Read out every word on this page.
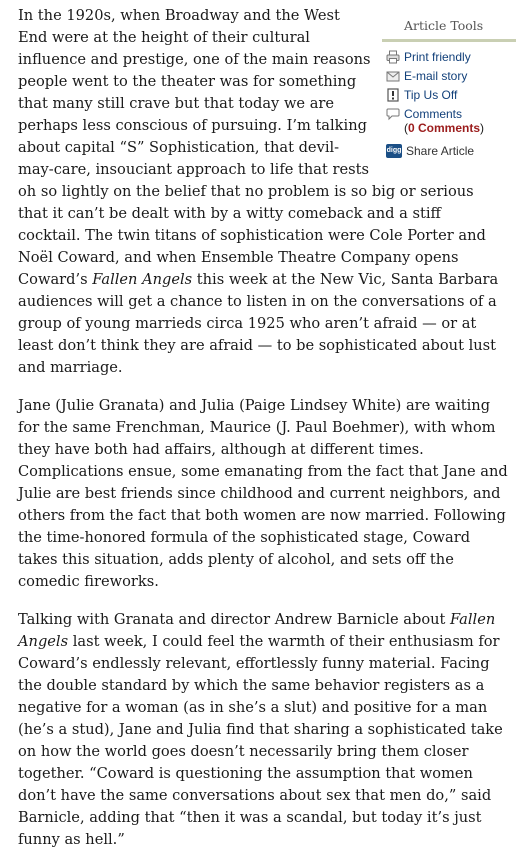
Article Tools
Print friendly
E-mail story
Tip Us Off
Comments
(0 Comments)
digg Share Article

In the 1920s, when Broadway and the West End were at the height of their cultural influence and prestige, one of the main reasons people went to the theater was for something that many still crave but that today we are perhaps less conscious of pursuing. I’m talking about capital “S” Sophistication, that devil-may-care, insouciant approach to life that rests oh so lightly on the belief that no problem is so big or serious that it can’t be dealt with by a witty comeback and a stiff cocktail. The twin titans of sophistication were Cole Porter and Noël Coward, and when Ensemble Theatre Company opens Coward’s Fallen Angels this week at the New Vic, Santa Barbara audiences will get a chance to listen in on the conversations of a group of young marrieds circa 1925 who aren’t afraid — or at least don’t think they are afraid — to be sophisticated about lust and marriage.

Jane (Julie Granata) and Julia (Paige Lindsey White) are waiting for the same Frenchman, Maurice (J. Paul Boehmer), with whom they have both had affairs, although at different times. Complications ensue, some emanating from the fact that Jane and Julie are best friends since childhood and current neighbors, and others from the fact that both women are now married. Following the time-honored formula of the sophisticated stage, Coward takes this situation, adds plenty of alcohol, and sets off the comedic fireworks.

Talking with Granata and director Andrew Barnicle about Fallen Angels last week, I could feel the warmth of their enthusiasm for Coward’s endlessly relevant, effortlessly funny material. Facing the double standard by which the same behavior registers as a negative for a woman (as in she’s a slut) and positive for a man (he’s a stud), Jane and Julia find that sharing a sophisticated take on how the world goes doesn’t necessarily bring them closer together. “Coward is questioning the assumption that women don’t have the same conversations about sex that men do,” said Barnicle, adding that “then it was a scandal, but today it’s just funny as hell.”
